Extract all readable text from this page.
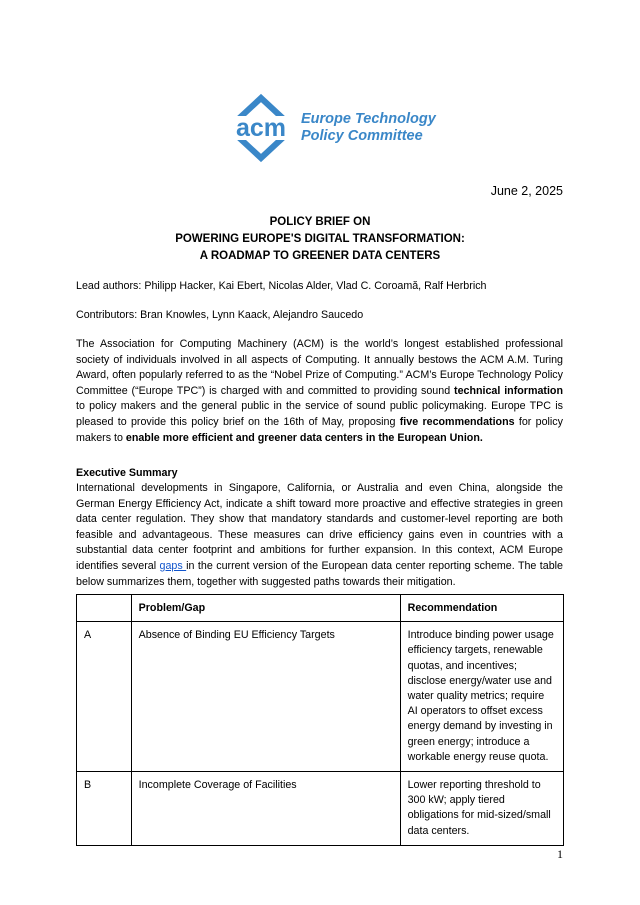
acm Europe Technology
Policy Committee
June 2, 2025
POLICY BRIEF ON
POWERING EUROPE'S DIGITAL TRANSFORMATION:
A ROADMAP TO GREENER DATA CENTERS
Lead authors: Philipp Hacker, Kai Ebert, Nicolas Alder, Vlad C. Coroamă, Ralf Herbrich
Contributors: Bran Knowles, Lynn Kaack, Alejandro Saucedo
The Association for Computing Machinery (ACM) is the world’s longest established professional society of individuals involved in all aspects of Computing. It annually bestows the ACM A.M. Turing Award, often popularly referred to as the “Nobel Prize of Computing.” ACM’s Europe Technology Policy Committee (“Europe TPC”) is charged with and committed to providing sound technical information to policy makers and the general public in the service of sound public policymaking. Europe TPC is pleased to provide this policy brief on the 16th of May, proposing five recommendations for policy makers to enable more efficient and greener data centers in the European Union.
Executive Summary
International developments in Singapore, California, or Australia and even China, alongside the German Energy Efficiency Act, indicate a shift toward more proactive and effective strategies in green data center regulation. They show that mandatory standards and customer-level reporting are both feasible and advantageous. These measures can drive efficiency gains even in countries with a substantial data center footprint and ambitions for further expansion. In this context, ACM Europe identifies several gaps in the current version of the European data center reporting scheme. The table below summarizes them, together with suggested paths towards their mitigation.
	Problem/Gap	Recommendation
A	Absence of Binding EU Efficiency Targets	Introduce binding power usage efficiency targets, renewable quotas, and incentives; disclose energy/water use and water quality metrics; require AI operators to offset excess energy demand by investing in green energy; introduce a workable energy reuse quota.
B	Incomplete Coverage of Facilities	Lower reporting threshold to 300 kW; apply tiered obligations for mid-sized/small data centers.
1
